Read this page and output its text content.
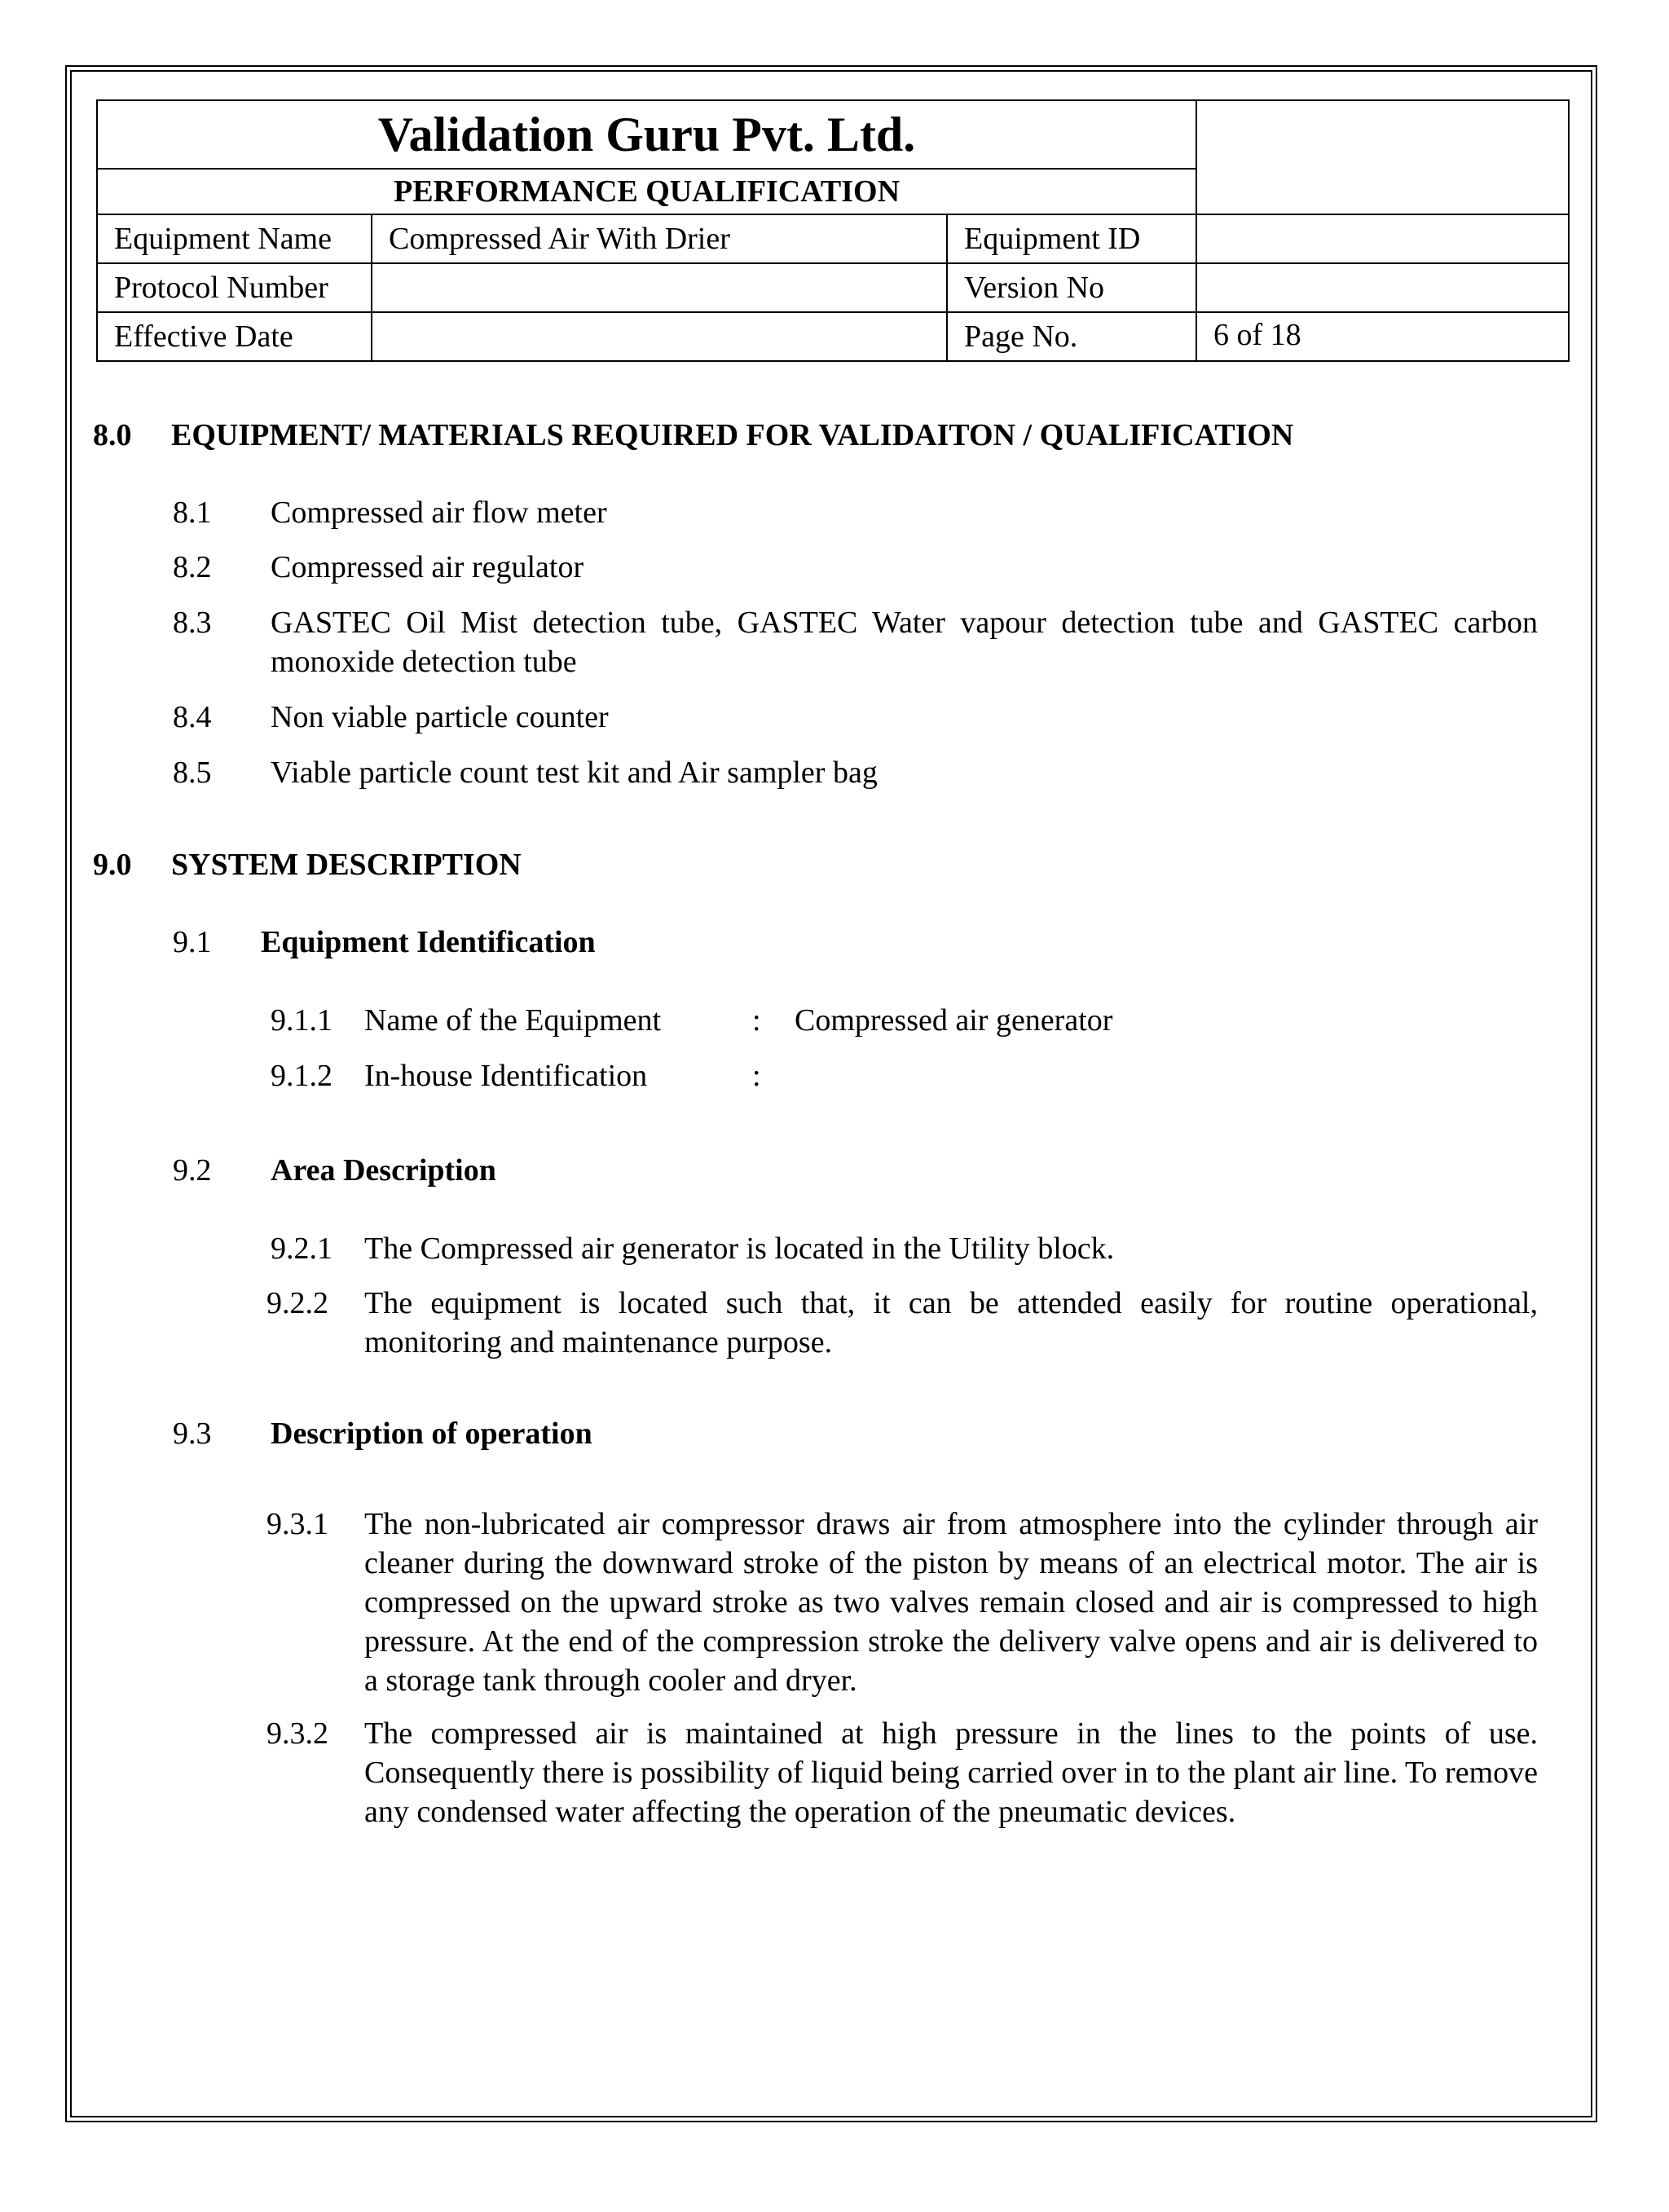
Validation Guru Pvt. Ltd.			
PERFORMANCE QUALIFICATION			
Equipment Name	Compressed Air With Drier	Equipment ID	
Protocol Number		Version No	
Effective Date		Page No.	6 of 18
8.0 EQUIPMENT/ MATERIALS REQUIRED FOR VALIDAITON / QUALIFICATION
8.1 Compressed air flow meter
8.2 Compressed air regulator
8.3 GASTEC Oil Mist detection tube, GASTEC Water vapour detection tube and GASTEC carbon monoxide detection tube
8.4 Non viable particle counter
8.5 Viable particle count test kit and Air sampler bag
9.0 SYSTEM DESCRIPTION
9.1 Equipment Identification
9.1.1 Name of the Equipment	: Compressed air generator
9.1.2 In-house Identification	:
9.2 Area Description
9.2.1 The Compressed air generator is located in the Utility block.
9.2.2 The equipment is located such that, it can be attended easily for routine operational, monitoring and maintenance purpose.
9.3 Description of operation
9.3.1 The non-lubricated air compressor draws air from atmosphere into the cylinder through air cleaner during the downward stroke of the piston by means of an electrical motor. The air is compressed on the upward stroke as two valves remain closed and air is compressed to high pressure. At the end of the compression stroke the delivery valve opens and air is delivered to a storage tank through cooler and dryer.
9.3.2 The compressed air is maintained at high pressure in the lines to the points of use. Consequently there is possibility of liquid being carried over in to the plant air line. To remove any condensed water affecting the operation of the pneumatic devices.
